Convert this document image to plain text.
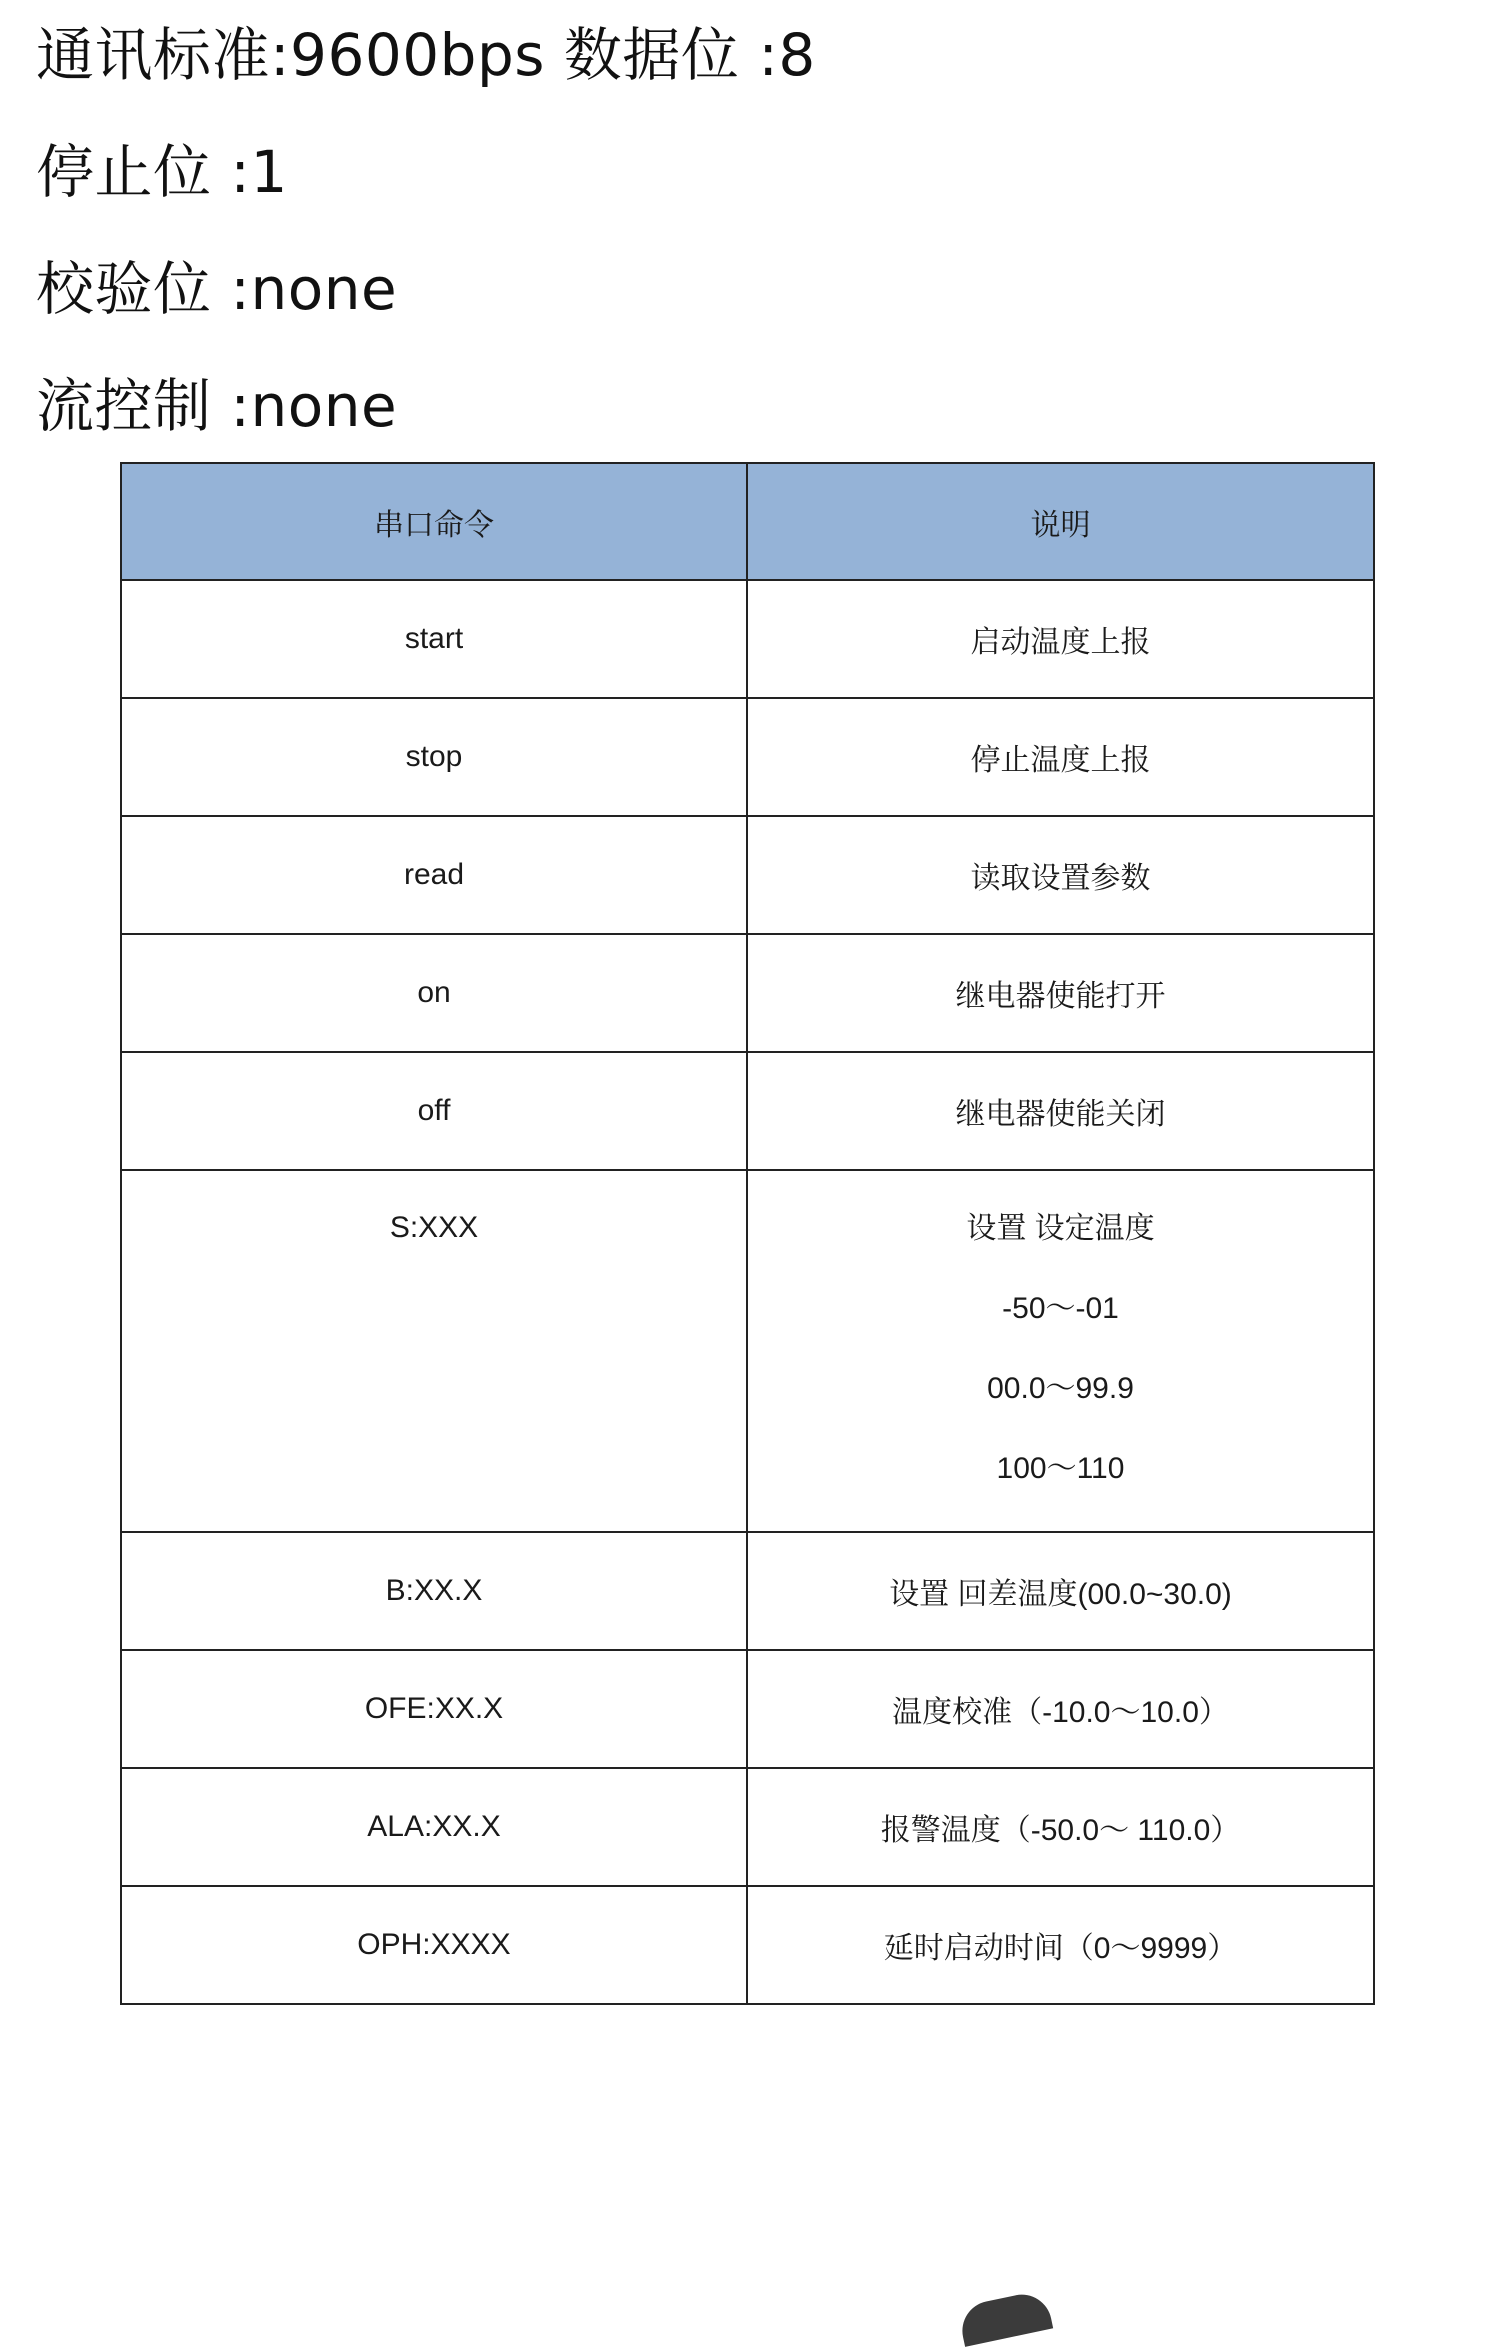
通讯标准:9600bps 数据位 :8
停止位 :1
校验位 :none
流控制 :none
串口命令	说明
start	启动温度上报
stop	停止温度上报
read	读取设置参数
on	继电器使能打开
off	继电器使能关闭

S:XXX	设置 设定温度
-50～-01
00.0～99.9
100～110

B:XX.X	设置 回差温度(00.0~30.0)
OFE:XX.X	温度校准（-10.0～10.0）
ALA:XX.X	报警温度（-50.0～ 110.0）
OPH:XXXX	延时启动时间（0～9999）
